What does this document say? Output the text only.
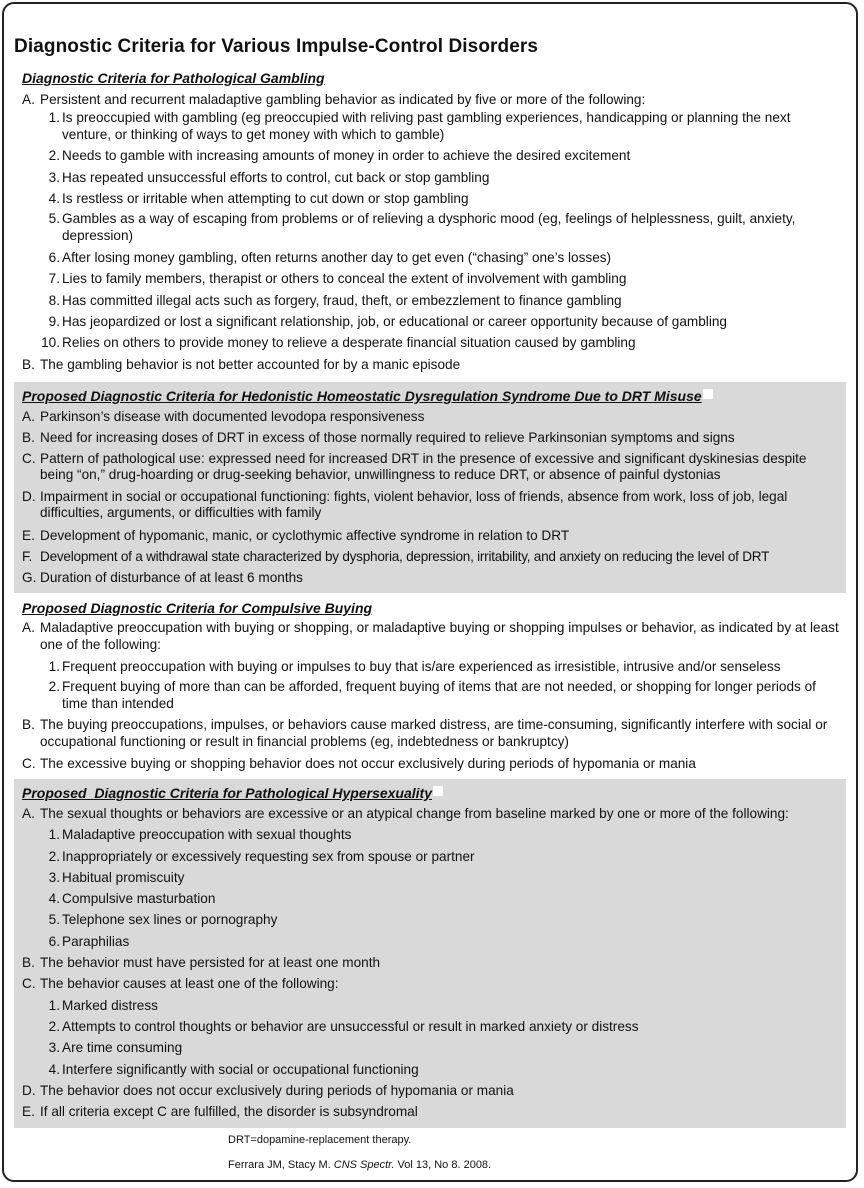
Diagnostic Criteria for Various Impulse-Control Disorders
Diagnostic Criteria for Pathological Gambling
A. Persistent and recurrent maladaptive gambling behavior as indicated by five or more of the following:
1. Is preoccupied with gambling (eg preoccupied with reliving past gambling experiences, handicapping or planning the next venture, or thinking of ways to get money with which to gamble)
2. Needs to gamble with increasing amounts of money in order to achieve the desired excitement
3. Has repeated unsuccessful efforts to control, cut back or stop gambling
4. Is restless or irritable when attempting to cut down or stop gambling
5. Gambles as a way of escaping from problems or of relieving a dysphoric mood (eg, feelings of helplessness, guilt, anxiety, depression)
6. After losing money gambling, often returns another day to get even (“chasing” one’s losses)
7. Lies to family members, therapist or others to conceal the extent of involvement with gambling
8. Has committed illegal acts such as forgery, fraud, theft, or embezzlement to finance gambling
9. Has jeopardized or lost a significant relationship, job, or educational or career opportunity because of gambling
10. Relies on others to provide money to relieve a desperate financial situation caused by gambling
B. The gambling behavior is not better accounted for by a manic episode
Proposed Diagnostic Criteria for Hedonistic Homeostatic Dysregulation Syndrome Due to DRT Misuse
A. Parkinson’s disease with documented levodopa responsiveness
B. Need for increasing doses of DRT in excess of those normally required to relieve Parkinsonian symptoms and signs
C. Pattern of pathological use: expressed need for increased DRT in the presence of excessive and significant dyskinesias despite being “on,” drug-hoarding or drug-seeking behavior, unwillingness to reduce DRT, or absence of painful dystonias
D. Impairment in social or occupational functioning: fights, violent behavior, loss of friends, absence from work, loss of job, legal difficulties, arguments, or difficulties with family
E. Development of hypomanic, manic, or cyclothymic affective syndrome in relation to DRT
F. Development of a withdrawal state characterized by dysphoria, depression, irritability, and anxiety on reducing the level of DRT
G. Duration of disturbance of at least 6 months
Proposed Diagnostic Criteria for Compulsive Buying
A. Maladaptive preoccupation with buying or shopping, or maladaptive buying or shopping impulses or behavior, as indicated by at least one of the following:
1. Frequent preoccupation with buying or impulses to buy that is/are experienced as irresistible, intrusive and/or senseless
2. Frequent buying of more than can be afforded, frequent buying of items that are not needed, or shopping for longer periods of time than intended
B. The buying preoccupations, impulses, or behaviors cause marked distress, are time-consuming, significantly interfere with social or occupational functioning or result in financial problems (eg, indebtedness or bankruptcy)
C. The excessive buying or shopping behavior does not occur exclusively during periods of hypomania or mania
Proposed  Diagnostic Criteria for Pathological Hypersexuality
A. The sexual thoughts or behaviors are excessive or an atypical change from baseline marked by one or more of the following:
1. Maladaptive preoccupation with sexual thoughts
2. Inappropriately or excessively requesting sex from spouse or partner
3. Habitual promiscuity
4. Compulsive masturbation
5. Telephone sex lines or pornography
6. Paraphilias
B. The behavior must have persisted for at least one month
C. The behavior causes at least one of the following:
1. Marked distress
2. Attempts to control thoughts or behavior are unsuccessful or result in marked anxiety or distress
3. Are time consuming
4. Interfere significantly with social or occupational functioning
D. The behavior does not occur exclusively during periods of hypomania or mania
E. If all criteria except C are fulfilled, the disorder is subsyndromal
DRT=dopamine-replacement therapy.
Ferrara JM, Stacy M. CNS Spectr. Vol 13, No 8. 2008.
